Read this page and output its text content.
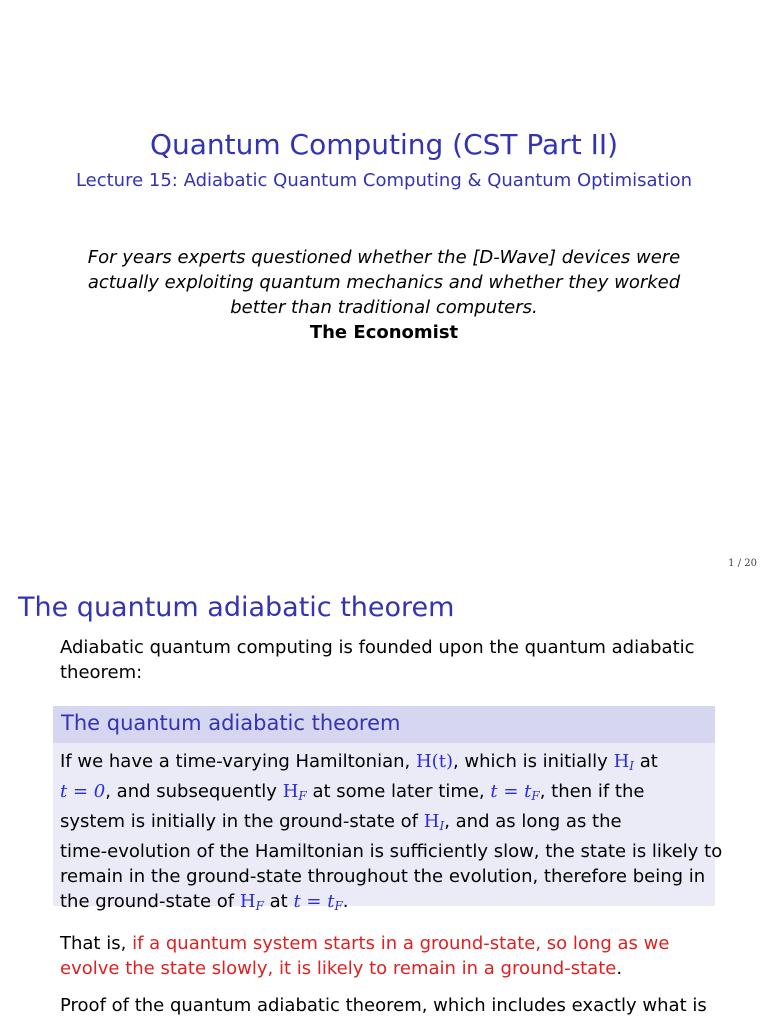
Quantum Computing (CST Part II)
Lecture 15: Adiabatic Quantum Computing & Quantum Optimisation
For years experts questioned whether the [D-Wave] devices were
actually exploiting quantum mechanics and whether they worked
better than traditional computers.
The Economist
1 / 20
The quantum adiabatic theorem
Adiabatic quantum computing is founded upon the quantum adiabatic
theorem:
The quantum adiabatic theorem
If we have a time-varying Hamiltonian, H(t), which is initially $H_I$ at
t = 0, and subsequently $H_F$ at some later time, $t = t_F$, then if the
system is initially in the ground-state of $H_I$, and as long as the
time-evolution of the Hamiltonian is sufficiently slow, the state is likely to
remain in the ground-state throughout the evolution, therefore being in
the ground-state of $H_F$ at $t = t_F$.
That is, if a quantum system starts in a ground-state, so long as we
evolve the state slowly, it is likely to remain in a ground-state.
Proof of the quantum adiabatic theorem, which includes exactly what is
